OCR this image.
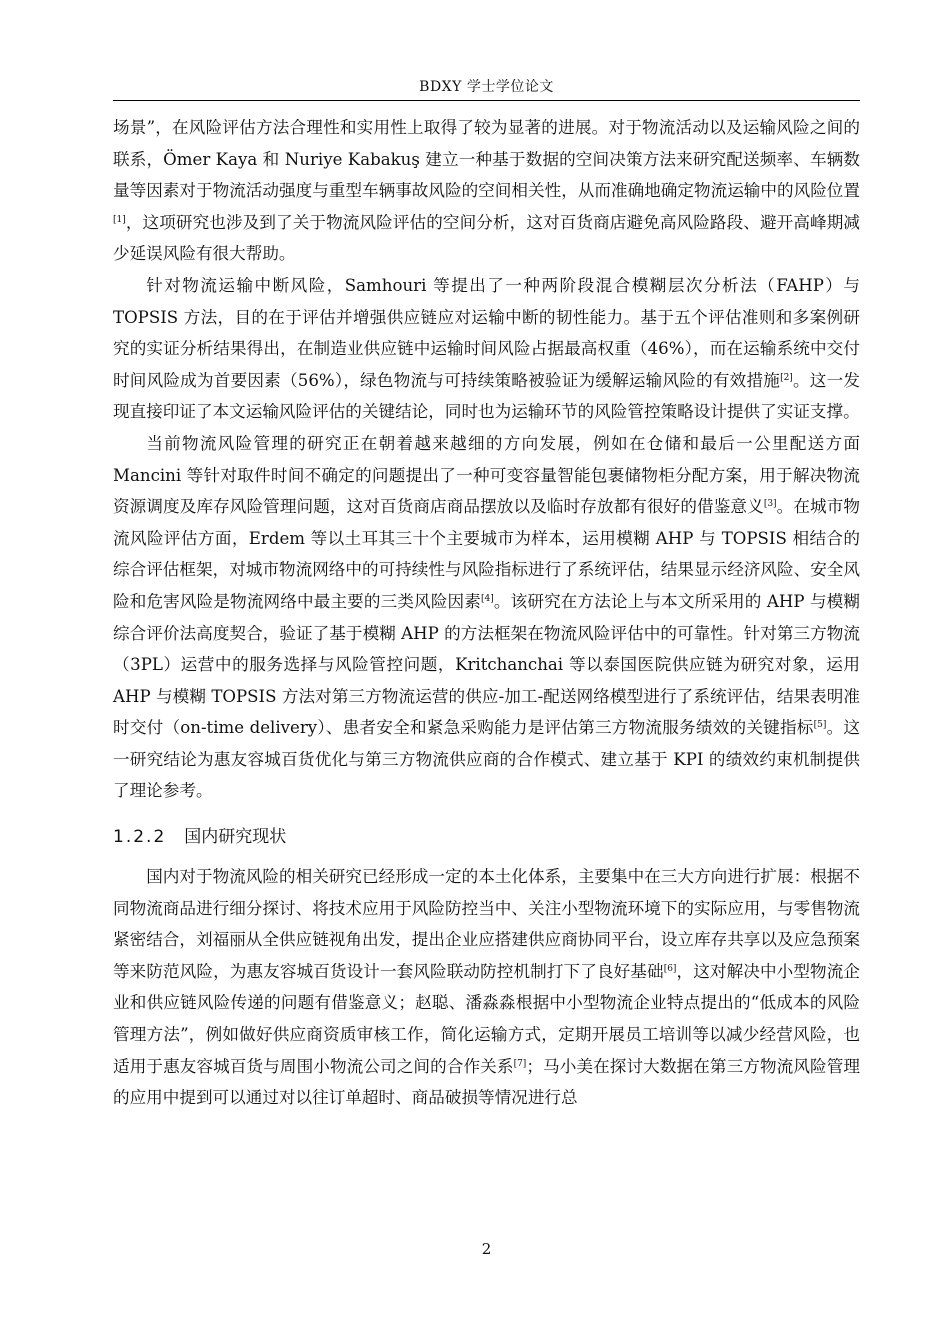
BDXY 学士学位论文

场景”，在风险评估方法合理性和实用性上取得了较为显著的进展。对于物流活动以及运输风险之间的联系，Ömer Kaya 和 Nuriye Kabakuş 建立一种基于数据的空间决策方法来研究配送频率、车辆数量等因素对于物流活动强度与重型车辆事故风险的空间相关性，从而准确地确定物流运输中的风险位置[1]，这项研究也涉及到了关于物流风险评估的空间分析，这对百货商店避免高风险路段、避开高峰期减少延误风险有很大帮助。

针对物流运输中断风险，Samhouri 等提出了一种两阶段混合模糊层次分析法（FAHP）与 TOPSIS 方法，目的在于评估并增强供应链应对运输中断的韧性能力。基于五个评估准则和多案例研究的实证分析结果得出，在制造业供应链中运输时间风险占据最高权重（46%），而在运输系统中交付时间风险成为首要因素（56%），绿色物流与可持续策略被验证为缓解运输风险的有效措施[2]。这一发现直接印证了本文运输风险评估的关键结论，同时也为运输环节的风险管控策略设计提供了实证支撑。

当前物流风险管理的研究正在朝着越来越细的方向发展，例如在仓储和最后一公里配送方面 Mancini 等针对取件时间不确定的问题提出了一种可变容量智能包裹储物柜分配方案，用于解决物流资源调度及库存风险管理问题，这对百货商店商品摆放以及临时存放都有很好的借鉴意义[3]。在城市物流风险评估方面，Erdem 等以土耳其三十个主要城市为样本，运用模糊 AHP 与 TOPSIS 相结合的综合评估框架，对城市物流网络中的可持续性与风险指标进行了系统评估，结果显示经济风险、安全风险和危害风险是物流网络中最主要的三类风险因素[4]。该研究在方法论上与本文所采用的 AHP 与模糊综合评价法高度契合，验证了基于模糊 AHP 的方法框架在物流风险评估中的可靠性。针对第三方物流（3PL）运营中的服务选择与风险管控问题，Kritchanchai 等以泰国医院供应链为研究对象，运用 AHP 与模糊 TOPSIS 方法对第三方物流运营的供应-加工-配送网络模型进行了系统评估，结果表明准时交付（on-time delivery）、患者安全和紧急采购能力是评估第三方物流服务绩效的关键指标[5]。这一研究结论为惠友容城百货优化与第三方物流供应商的合作模式、建立基于 KPI 的绩效约束机制提供了理论参考。

1.2.2 国内研究现状

国内对于物流风险的相关研究已经形成一定的本土化体系，主要集中在三大方向进行扩展：根据不同物流商品进行细分探讨、将技术应用于风险防控当中、关注小型物流环境下的实际应用，与零售物流紧密结合，刘福丽从全供应链视角出发，提出企业应搭建供应商协同平台，设立库存共享以及应急预案等来防范风险，为惠友容城百货设计一套风险联动防控机制打下了良好基础[6]，这对解决中小型物流企业和供应链风险传递的问题有借鉴意义；赵聪、潘淼淼根据中小型物流企业特点提出的“低成本的风险管理方法”，例如做好供应商资质审核工作，简化运输方式，定期开展员工培训等以减少经营风险，也适用于惠友容城百货与周围小物流公司之间的合作关系[7]；马小美在探讨大数据在第三方物流风险管理的应用中提到可以通过对以往订单超时、商品破损等情况进行总

2
